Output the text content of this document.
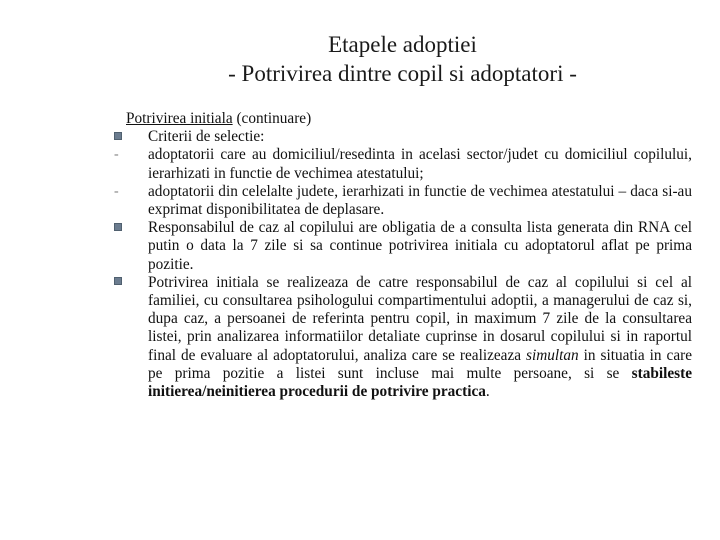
Etapele adoptiei
- Potrivirea dintre copil si adoptatori -

Potrivirea initiala (continuare)

Criterii de selectie:

-	adoptatorii care au domiciliul/resedinta in acelasi sector/judet cu domiciliul copilului, ierarhizati in functie de vechimea atestatului;

-	adoptatorii din celelalte judete, ierarhizati in functie de vechimea atestatului – daca si-au exprimat disponibilitatea de deplasare.

Responsabilul de caz al copilului are obligatia de a consulta lista generata din RNA cel putin o data la 7 zile si sa continue potrivirea initiala cu adoptatorul aflat pe prima pozitie.

Potrivirea initiala se realizeaza de catre responsabilul de caz al copilului si cel al familiei, cu consultarea psihologului compartimentului adoptii, a managerului de caz si, dupa caz, a persoanei de referinta pentru copil, in maximum 7 zile de la consultarea listei, prin analizarea informatiilor detaliate cuprinse in dosarul copilului si in raportul final de evaluare al adoptatorului, analiza care se realizeaza simultan in situatia in care pe prima pozitie a listei sunt incluse mai multe persoane, si se stabileste initierea/neinitierea procedurii de potrivire practica.
